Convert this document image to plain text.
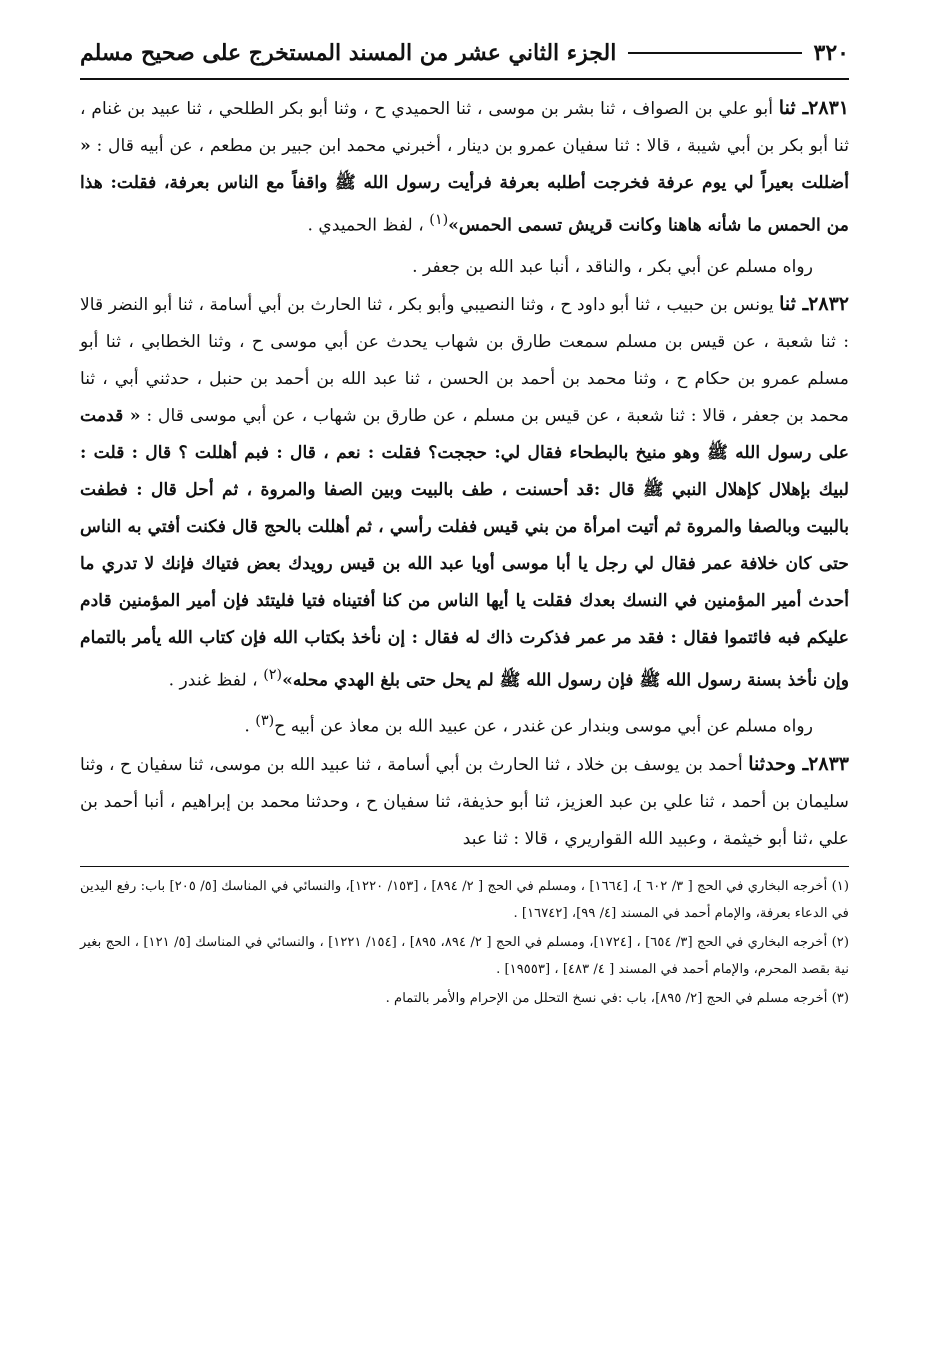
٣٢٠
الجزء الثاني عشر من المسند المستخرج على صحيح مسلم

٢٨٣١ـ ثنا أبو علي بن الصواف ، ثنا بشر بن موسى ، ثنا الحميدي ح ، وثنا أبو بكر الطلحي ، ثنا عبيد بن غنام ، ثنا أبو بكر بن أبي شيبة ، قالا : ثنا سفيان عمرو بن دينار ، أخبرني محمد ابن جبير بن مطعم ، عن أبيه قال : « أضللت بعيراً لي يوم عرفة فخرجت أطلبه بعرفة فرأيت رسول الله ﷺ واقفاً مع الناس بعرفة، فقلت: هذا من الحمس ما شأنه هاهنا وكانت قريش تسمى الحمس»$^{(١)}$ ، لفظ الحميدي .

رواه مسلم عن أبي بكر ، والناقد ، أنبا عبد الله بن جعفر .

٢٨٣٢ـ ثنا يونس بن حبيب ، ثنا أبو داود ح ، وثنا النصيبي وأبو بكر ، ثنا الحارث بن أبي أسامة ، ثنا أبو النضر قالا : ثنا شعبة ، عن قيس بن مسلم سمعت طارق بن شهاب يحدث عن أبي موسى ح ، وثنا الخطابي ، ثنا أبو مسلم عمرو بن حكام ح ، وثنا محمد بن أحمد بن الحسن ، ثنا عبد الله بن أحمد بن حنبل ، حدثني أبي ، ثنا محمد بن جعفر ، قالا : ثنا شعبة ، عن قيس بن مسلم ، عن طارق بن شهاب ، عن أبي موسى قال : « قدمت على رسول الله ﷺ وهو منيخ بالبطحاء فقال لي: حججت؟ فقلت : نعم ، قال : فبم أهللت ؟ قال : قلت : لبيك بإهلال كإهلال النبي ﷺ قال :قد أحسنت ، طف بالبيت وبين الصفا والمروة ، ثم أحل قال : فطفت بالبيت وبالصفا والمروة ثم أتيت امرأة من بني قيس ففلت رأسي ، ثم أهللت بالحج قال فكنت أفتي به الناس حتى كان خلافة عمر فقال لي رجل يا أبا موسى أويا عبد الله بن قيس رويدك بعض فتياك فإنك لا تدري ما أحدث أمير المؤمنين في النسك بعدك فقلت يا أيها الناس من كنا أفتيناه فتيا فليتئد فإن أمير المؤمنين قادم عليكم فبه فائتموا فقال : فقد مر عمر فذكرت ذاك له فقال : إن نأخذ بكتاب الله فإن كتاب الله يأمر بالتمام وإن نأخذ بسنة رسول الله ﷺ فإن رسول الله ﷺ لم يحل حتى بلغ الهدي محله»$^{(٢)}$ ، لفظ غندر .

رواه مسلم عن أبي موسى وبندار عن غندر ، عن عبيد الله بن معاذ عن أبيه ح$^{(٣)}$ .

٢٨٣٣ـ وحدثنا أحمد بن يوسف بن خلاد ، ثنا الحارث بن أبي أسامة ، ثنا عبيد الله بن موسى، ثنا سفيان ح ، وثنا سليمان بن أحمد ، ثنا علي بن عبد العزيز، ثنا أبو حذيفة، ثنا سفيان ح ، وحدثنا محمد بن إبراهيم ، أنبا أحمد بن علي ،ثنا أبو خيثمة ، وعبيد الله القواريري ، قالا : ثنا عبد

(١) أخرجه البخاري في الحج [ ٣/ ٦٠٢ ]، [١٦٦٤] ، ومسلم في الحج [ ٢/ ٨٩٤] ، [١٥٣/ ١٢٢٠]، والنسائي في المناسك [٥/ ٢٠٥] باب: رفع اليدين في الدعاء بعرفة، والإمام أحمد في المسند [٤/ ٩٩]، [١٦٧٤٢] .

(٢) أخرجه البخاري في الحج [٣/ ٦٥٤] ، [١٧٢٤]، ومسلم في الحج [ ٢/ ٨٩٤، ٨٩٥] ، [١٥٤/ ١٢٢١] ، والنسائي في المناسك [٥/ ١٢١] ، الحج بغير نية بقصد المحرم، والإمام أحمد في المسند [ ٤/ ٤٨٣] ، [١٩٥٥٣] .

(٣) أخرجه مسلم في الحج [٢/ ٨٩٥]، باب :في نسخ التحلل من الإحرام والأمر بالتمام .
